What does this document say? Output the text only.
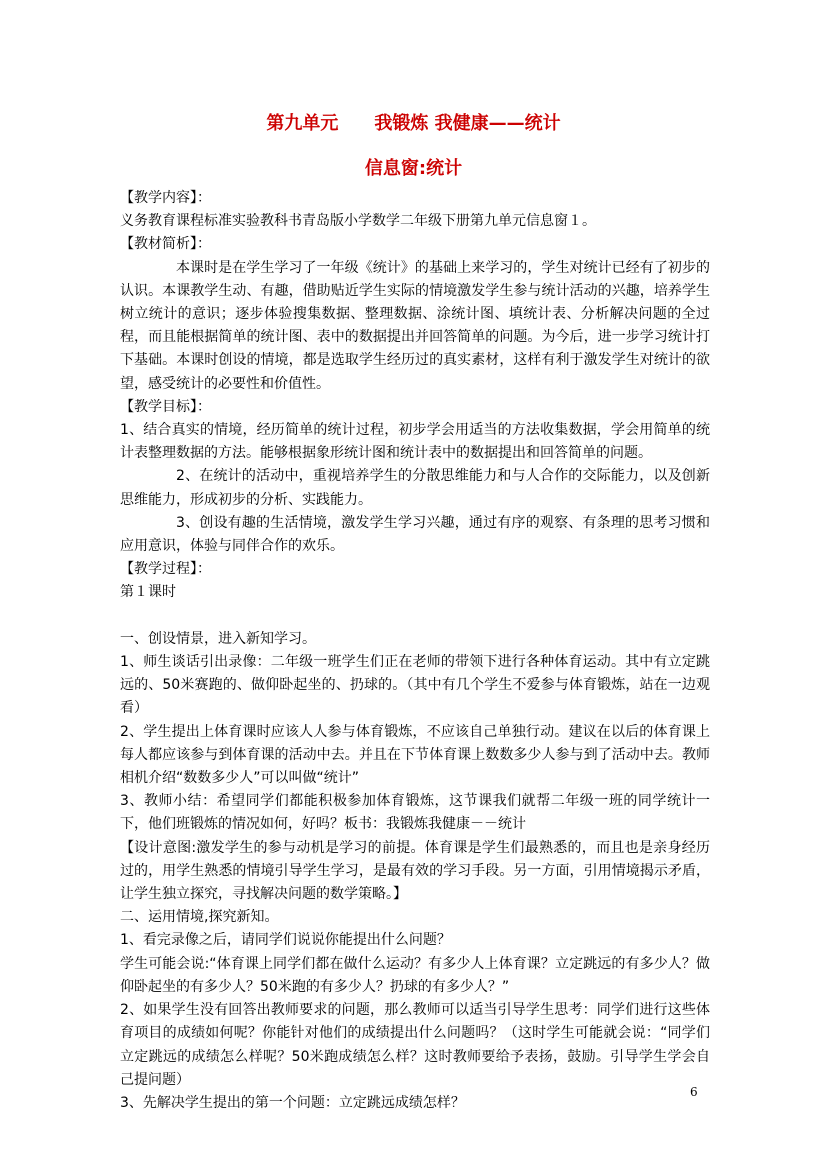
第九单元　　我锻炼 我健康——统计
信息窗:统计

【教学内容】：

义务教育课程标准实验教科书青岛版小学数学二年级下册第九单元信息窗１。

【教材简析】：

本课时是在学生学习了一年级《统计》的基础上来学习的，学生对统计已经有了初步的认识。本课教学生动、有趣，借助贴近学生实际的情境激发学生参与统计活动的兴趣，培养学生树立统计的意识；逐步体验搜集数据、整理数据、涂统计图、填统计表、分析解决问题的全过程，而且能根据简单的统计图、表中的数据提出并回答简单的问题。为今后，进一步学习统计打下基础。本课时创设的情境，都是选取学生经历过的真实素材，这样有利于激发学生对统计的欲望，感受统计的必要性和价值性。

【教学目标】：

1、结合真实的情境，经历简单的统计过程，初步学会用适当的方法收集数据，学会用简单的统计表整理数据的方法。能够根据象形统计图和统计表中的数据提出和回答简单的问题。

2、在统计的活动中，重视培养学生的分散思维能力和与人合作的交际能力，以及创新思维能力，形成初步的分析、实践能力。

3、创设有趣的生活情境，激发学生学习兴趣，通过有序的观察、有条理的思考习惯和应用意识，体验与同伴合作的欢乐。

【教学过程】：

第１课时

一、创设情景，进入新知学习。

1、师生谈话引出录像：二年级一班学生们正在老师的带领下进行各种体育运动。其中有立定跳远的、50米赛跑的、做仰卧起坐的、扔球的。（其中有几个学生不爱参与体育锻炼，站在一边观看）

2、学生提出上体育课时应该人人参与体育锻炼，不应该自己单独行动。建议在以后的体育课上每人都应该参与到体育课的活动中去。并且在下节体育课上数数多少人参与到了活动中去。教师相机介绍“数数多少人”可以叫做“统计”

3、教师小结：希望同学们都能积极参加体育锻炼，这节课我们就帮二年级一班的同学统计一下，他们班锻炼的情况如何，好吗？板书：我锻炼我健康－－统计

【设计意图:激发学生的参与动机是学习的前提。体育课是学生们最熟悉的，而且也是亲身经历过的，用学生熟悉的情境引导学生学习，是最有效的学习手段。另一方面，引用情境揭示矛盾，让学生独立探究，寻找解决问题的数学策略。】

二、运用情境,探究新知。

1、看完录像之后，请同学们说说你能提出什么问题？

学生可能会说:“体育课上同学们都在做什么运动？有多少人上体育课？立定跳远的有多少人？做仰卧起坐的有多少人？50米跑的有多少人？扔球的有多少人？”

2、如果学生没有回答出教师要求的问题，那么教师可以适当引导学生思考：同学们进行这些体育项目的成绩如何呢？你能针对他们的成绩提出什么问题吗？（这时学生可能就会说：“同学们立定跳远的成绩怎么样呢？50米跑成绩怎么样？这时教师要给予表扬，鼓励。引导学生学会自己提问题）

3、先解决学生提出的第一个问题：立定跳远成绩怎样？

6
